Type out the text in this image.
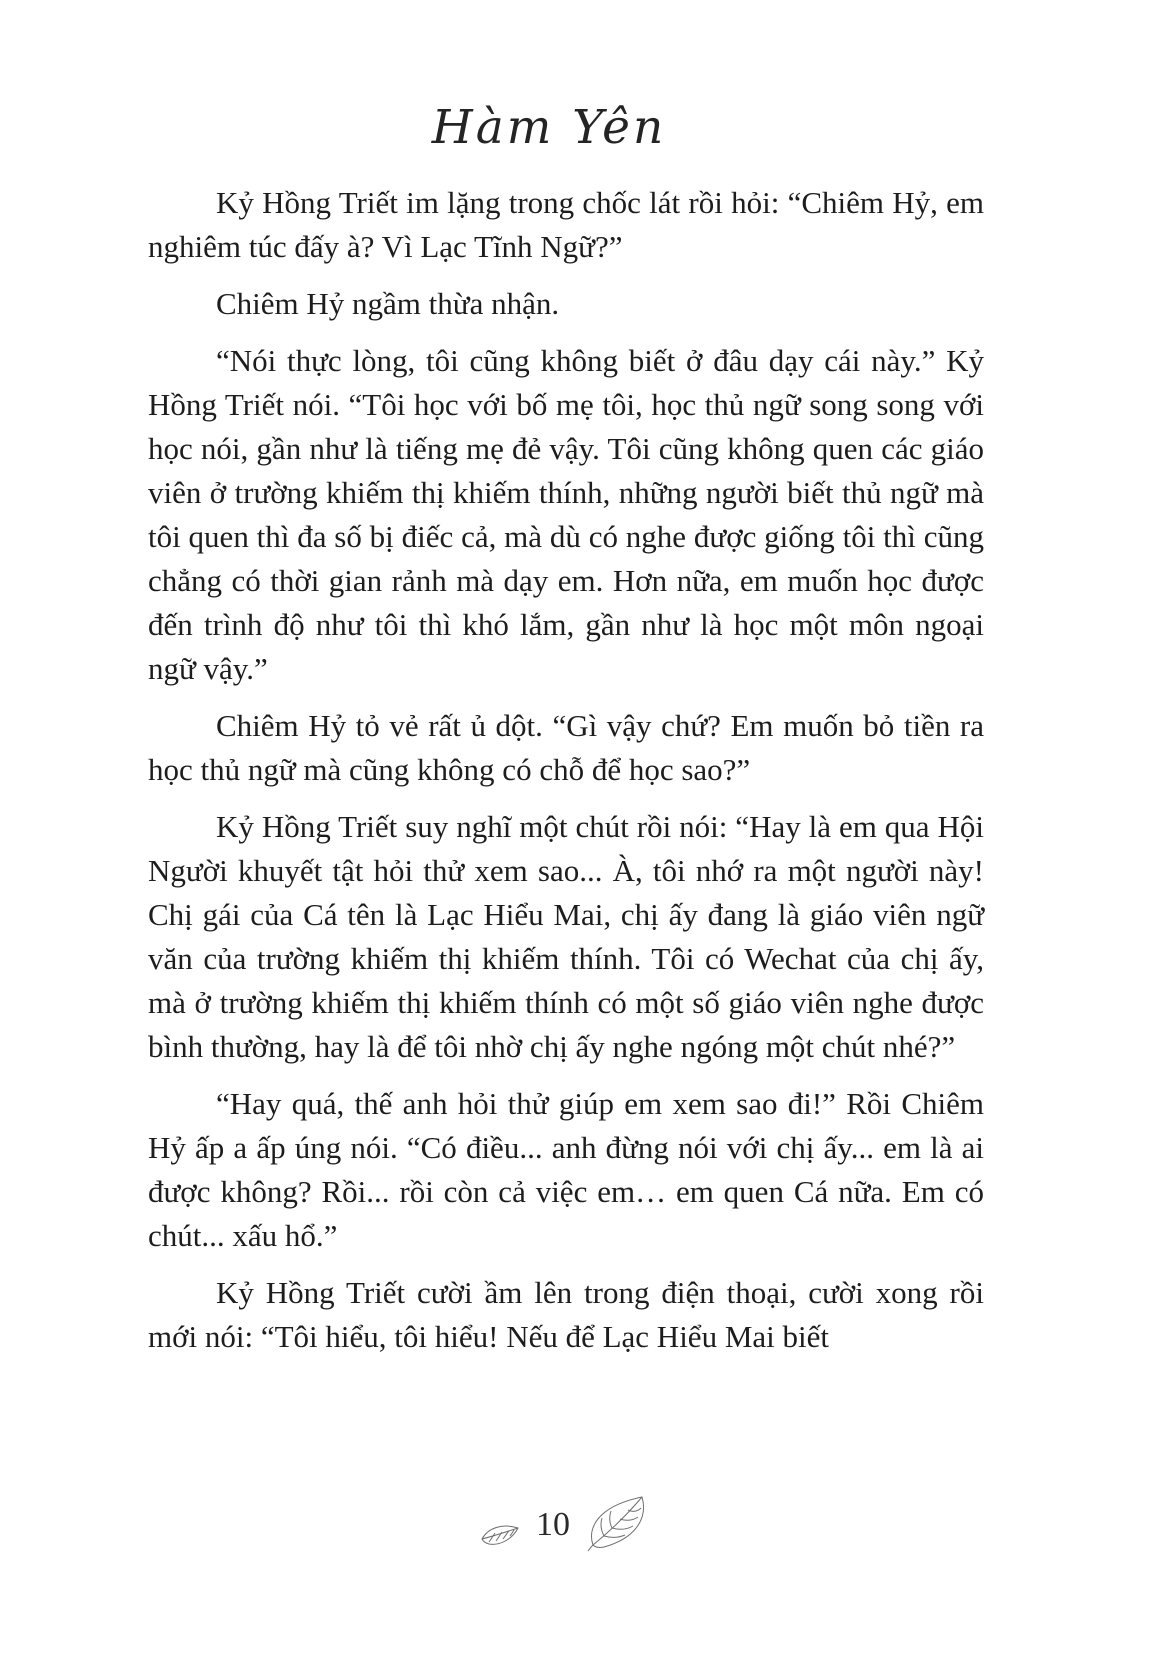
Hàm Yên

Kỷ Hồng Triết im lặng trong chốc lát rồi hỏi: “Chiêm Hỷ, em nghiêm túc đấy à? Vì Lạc Tĩnh Ngữ?”

Chiêm Hỷ ngầm thừa nhận.

“Nói thực lòng, tôi cũng không biết ở đâu dạy cái này.” Kỷ Hồng Triết nói. “Tôi học với bố mẹ tôi, học thủ ngữ song song với học nói, gần như là tiếng mẹ đẻ vậy. Tôi cũng không quen các giáo viên ở trường khiếm thị khiếm thính, những người biết thủ ngữ mà tôi quen thì đa số bị điếc cả, mà dù có nghe được giống tôi thì cũng chẳng có thời gian rảnh mà dạy em. Hơn nữa, em muốn học được đến trình độ như tôi thì khó lắm, gần như là học một môn ngoại ngữ vậy.”

Chiêm Hỷ tỏ vẻ rất ủ dột. “Gì vậy chứ? Em muốn bỏ tiền ra học thủ ngữ mà cũng không có chỗ để học sao?”

Kỷ Hồng Triết suy nghĩ một chút rồi nói: “Hay là em qua Hội Người khuyết tật hỏi thử xem sao... À, tôi nhớ ra một người này! Chị gái của Cá tên là Lạc Hiểu Mai, chị ấy đang là giáo viên ngữ văn của trường khiếm thị khiếm thính. Tôi có Wechat của chị ấy, mà ở trường khiếm thị khiếm thính có một số giáo viên nghe được bình thường, hay là để tôi nhờ chị ấy nghe ngóng một chút nhé?”

“Hay quá, thế anh hỏi thử giúp em xem sao đi!” Rồi Chiêm Hỷ ấp a ấp úng nói. “Có điều... anh đừng nói với chị ấy... em là ai được không? Rồi... rồi còn cả việc em… em quen Cá nữa. Em có chút... xấu hổ.”

Kỷ Hồng Triết cười ầm lên trong điện thoại, cười xong rồi mới nói: “Tôi hiểu, tôi hiểu! Nếu để Lạc Hiểu Mai biết

10
